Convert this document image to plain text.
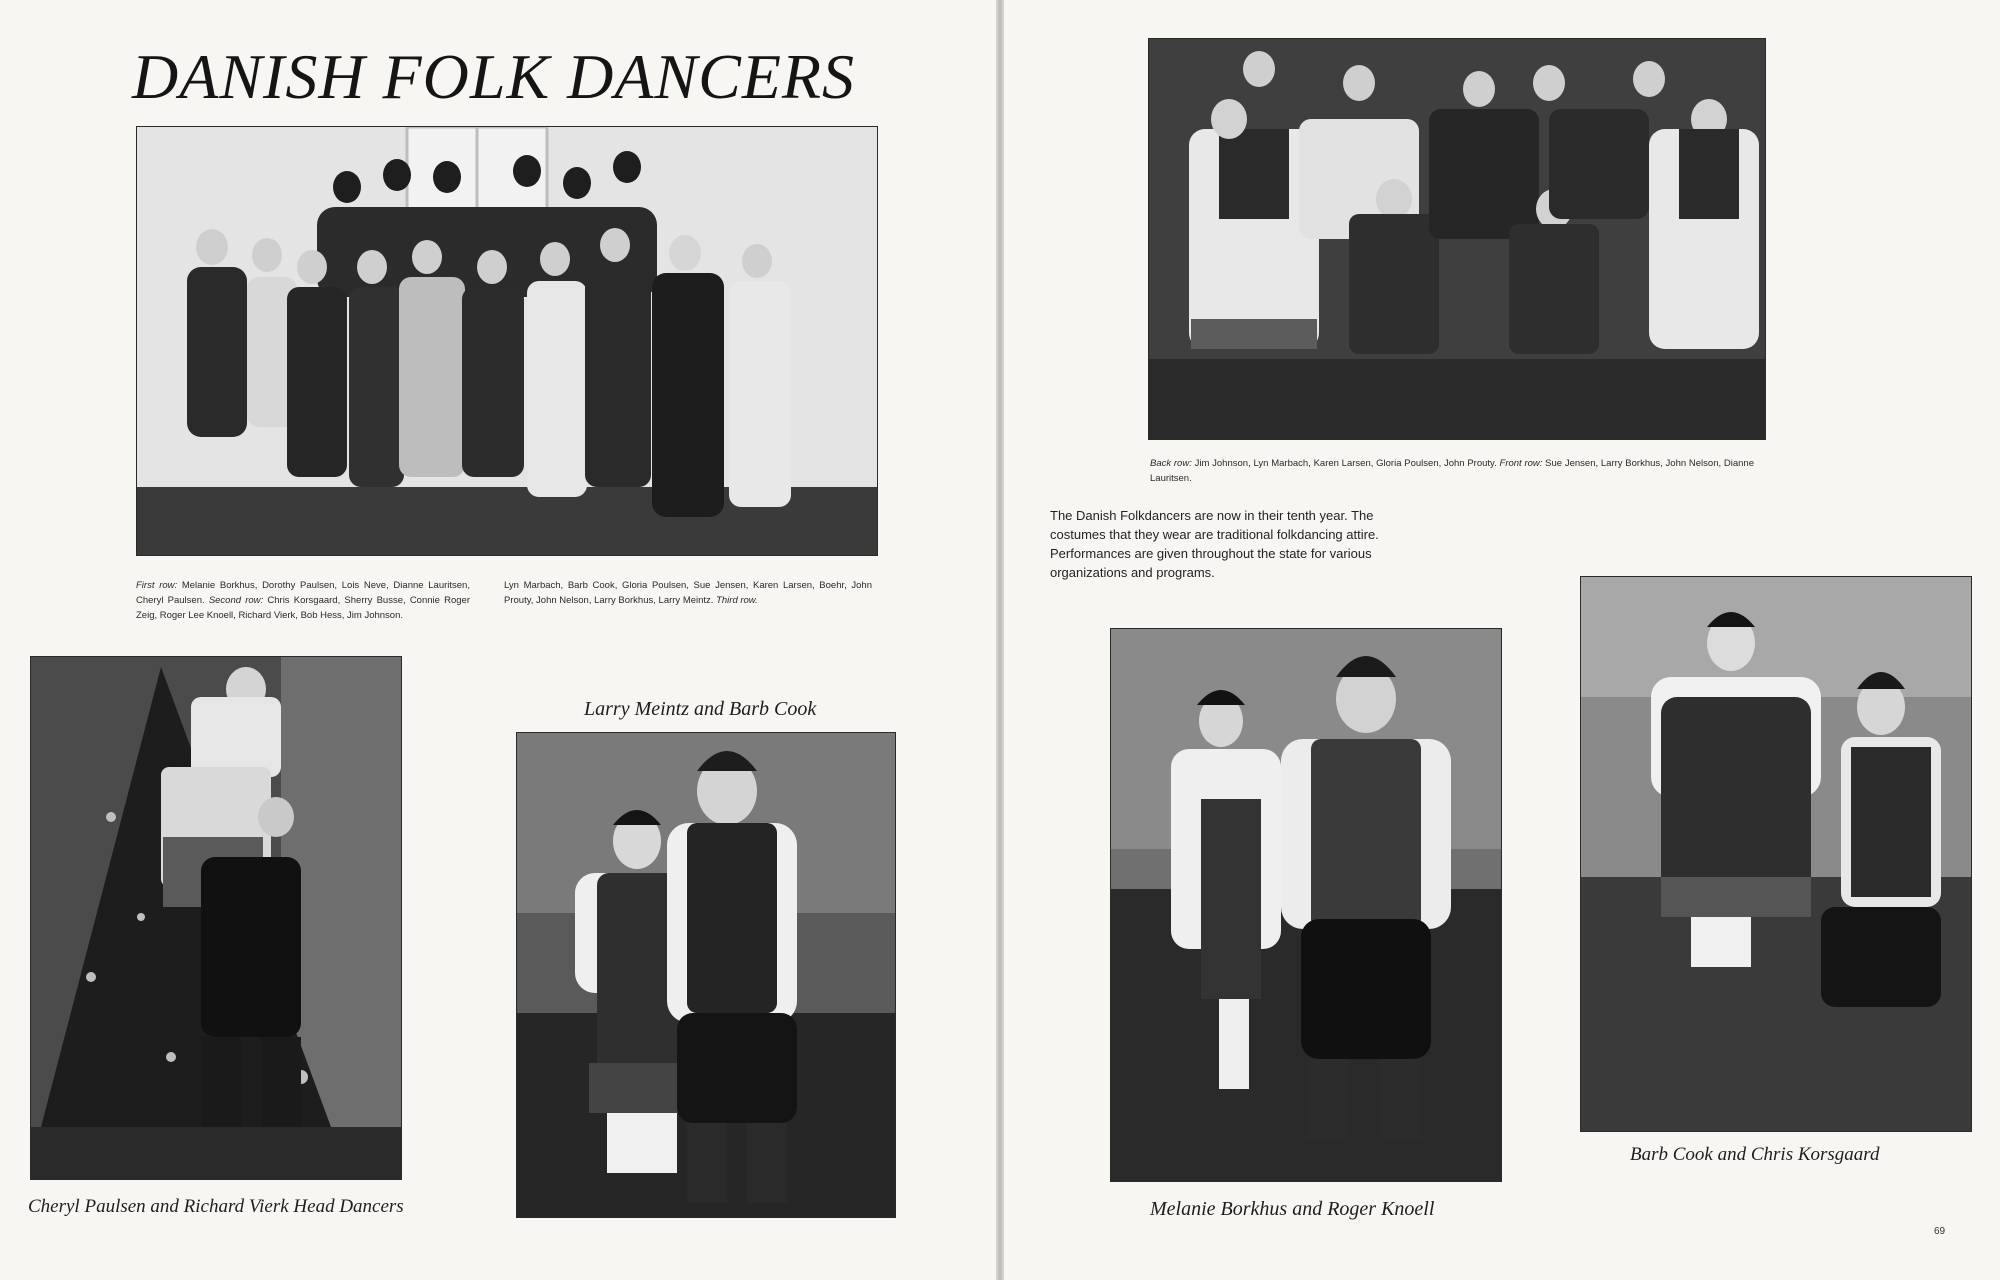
DANISH FOLK DANCERS

First row: Melanie Borkhus, Dorothy Paulsen, Lois Neve, Dianne Lauritsen, Cheryl Paulsen. Second row: Chris Korsgaard, Sherry Busse, Connie Roger Zeig, Roger Lee Knoell, Richard Vierk, Bob Hess, Jim Johnson.

Lyn Marbach, Barb Cook, Gloria Poulsen, Sue Jensen, Karen Larsen, Boehr, John Prouty, John Nelson, Larry Borkhus, Larry Meintz. Third row.

Cheryl Paulsen and Richard Vierk Head Dancers

Larry Meintz and Barb Cook

Back row: Jim Johnson, Lyn Marbach, Karen Larsen, Gloria Poulsen, John Prouty. Front row: Sue Jensen, Larry Borkhus, John Nelson, Dianne Lauritsen.

The Danish Folkdancers are now in their tenth year. The costumes that they wear are traditional folkdancing attire. Performances are given throughout the state for various organizations and programs.

Melanie Borkhus and Roger Knoell

Barb Cook and Chris Korsgaard

69
